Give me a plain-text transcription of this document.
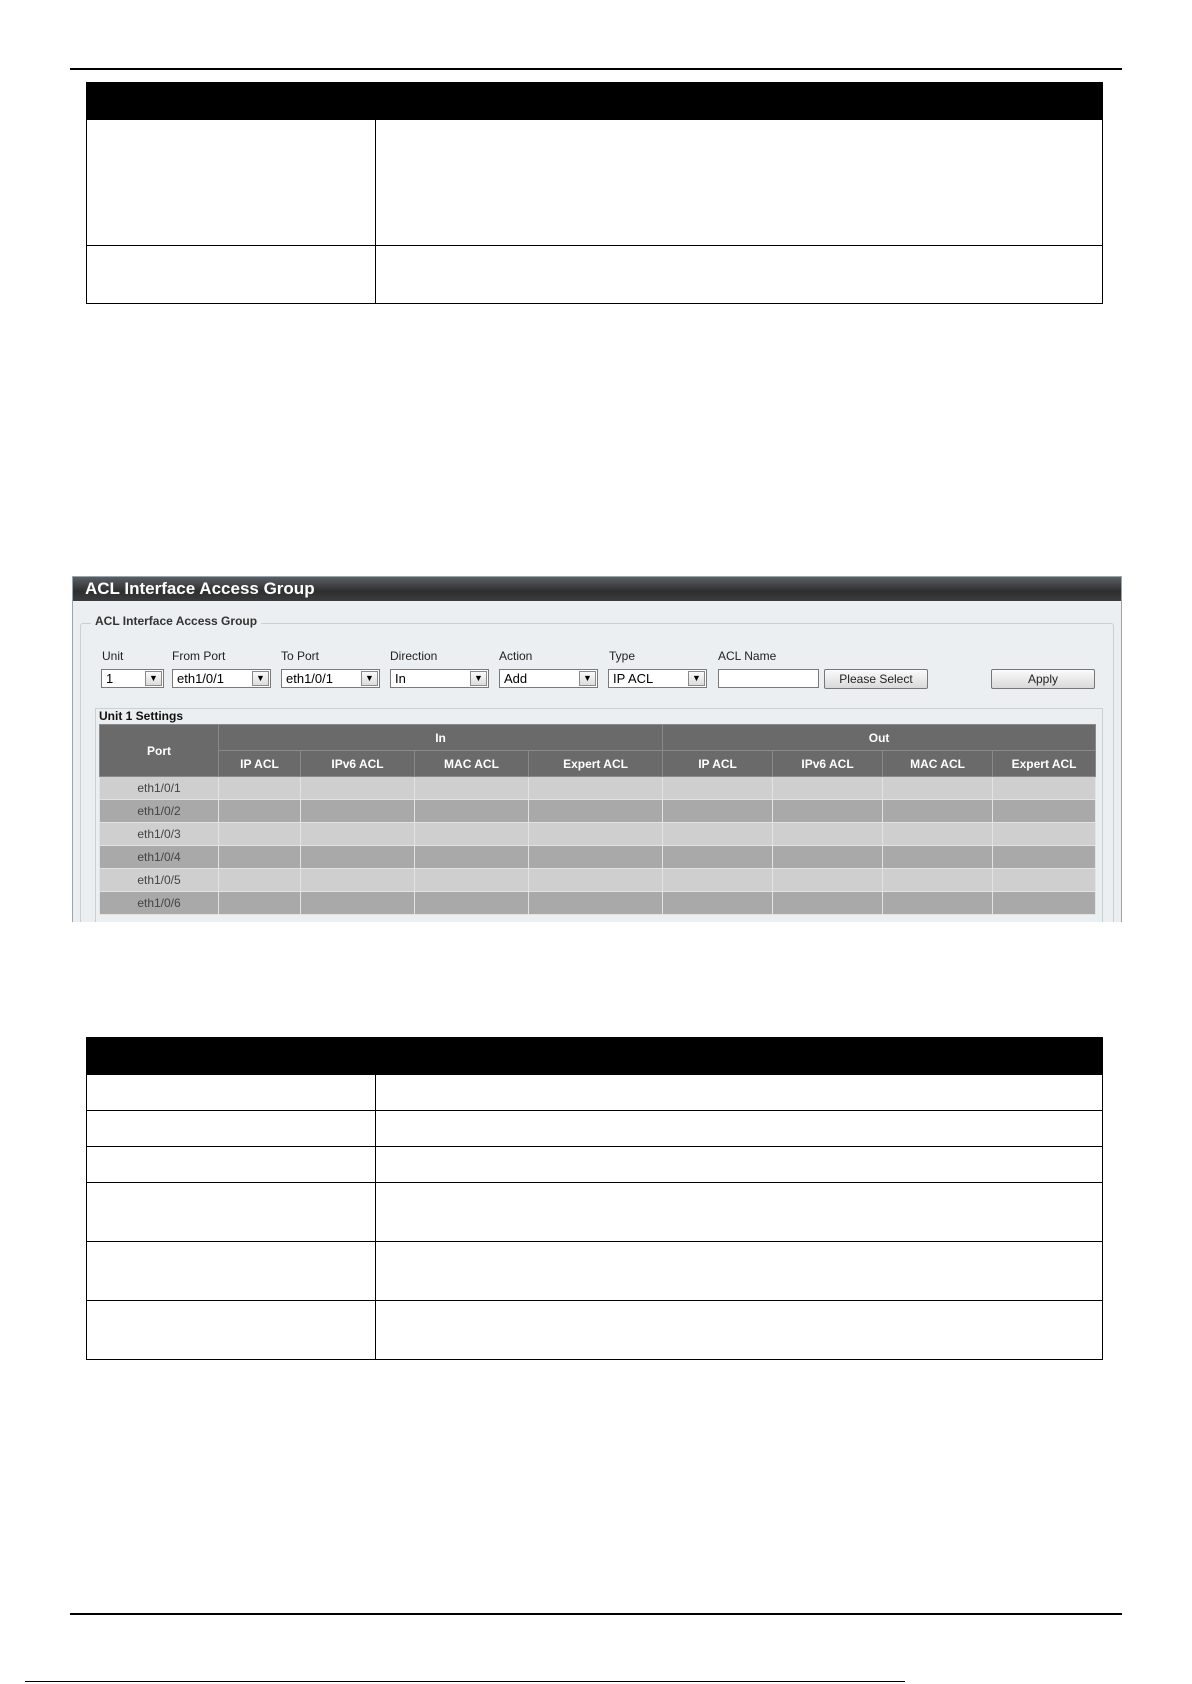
ACL Interface Access Group
ACL Interface Access Group
Unit	From Port	To Port	Direction	Action	Type	ACL Name
1	▼	eth1/0/1	▼	eth1/0/1	▼	In	▼	Add	▼	IP ACL	▼	Please Select	Apply
Unit 1 Settings
Port	In				Out			
	IP ACL	IPv6 ACL	MAC ACL	Expert ACL	IP ACL	IPv6 ACL	MAC ACL	Expert ACL
eth1/0/1								
eth1/0/2								
eth1/0/3								
eth1/0/4								
eth1/0/5								
eth1/0/6								
